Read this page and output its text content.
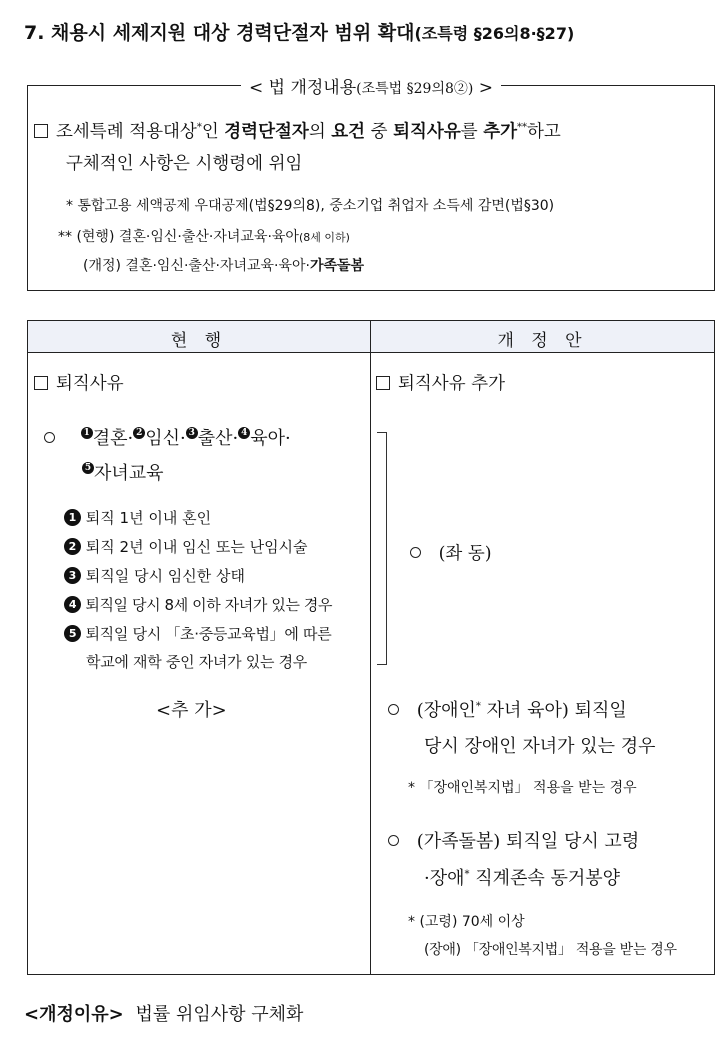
7. 채용시 세제지원 대상 경력단절자 범위 확대(조특령 §26의8·§27)
< 법 개정내용(조특법 §29의8②) >
조세특례 적용대상*인 경력단절자의 요건 중 퇴직사유를 추가**하고
구체적인 사항은 시행령에 위임
* 통합고용 세액공제 우대공제(법§29의8), 중소기업 취업자 소득세 감면(법§30)
** (현행) 결혼·임신·출산·자녀교육·육아(8세 이하)
(개정) 결혼·임신·출산·자녀교육·육아·가족돌봄
현 행	개 정 안
퇴직사유
1 결혼· 2 임신· 3 출산· 4 육아·
5 자녀교육
1 퇴직 1년 이내 혼인
2 퇴직 2년 이내 임신 또는 난임시술
3 퇴직일 당시 임신한 상태
4 퇴직일 당시 8세 이하 자녀가 있는 경우
5 퇴직일 당시 「초·중등교육법」에 따른
학교에 재학 중인 자녀가 있는 경우
<추 가>
퇴직사유 추가
(좌 동)
(장애인* 자녀 육아) 퇴직일
당시 장애인 자녀가 있는 경우
* 「장애인복지법」 적용을 받는 경우
(가족돌봄) 퇴직일 당시 고령
·장애* 직계존속 동거봉양
* (고령) 70세 이상
(장애) 「장애인복지법」 적용을 받는 경우
<개정이유> 법률 위임사항 구체화
